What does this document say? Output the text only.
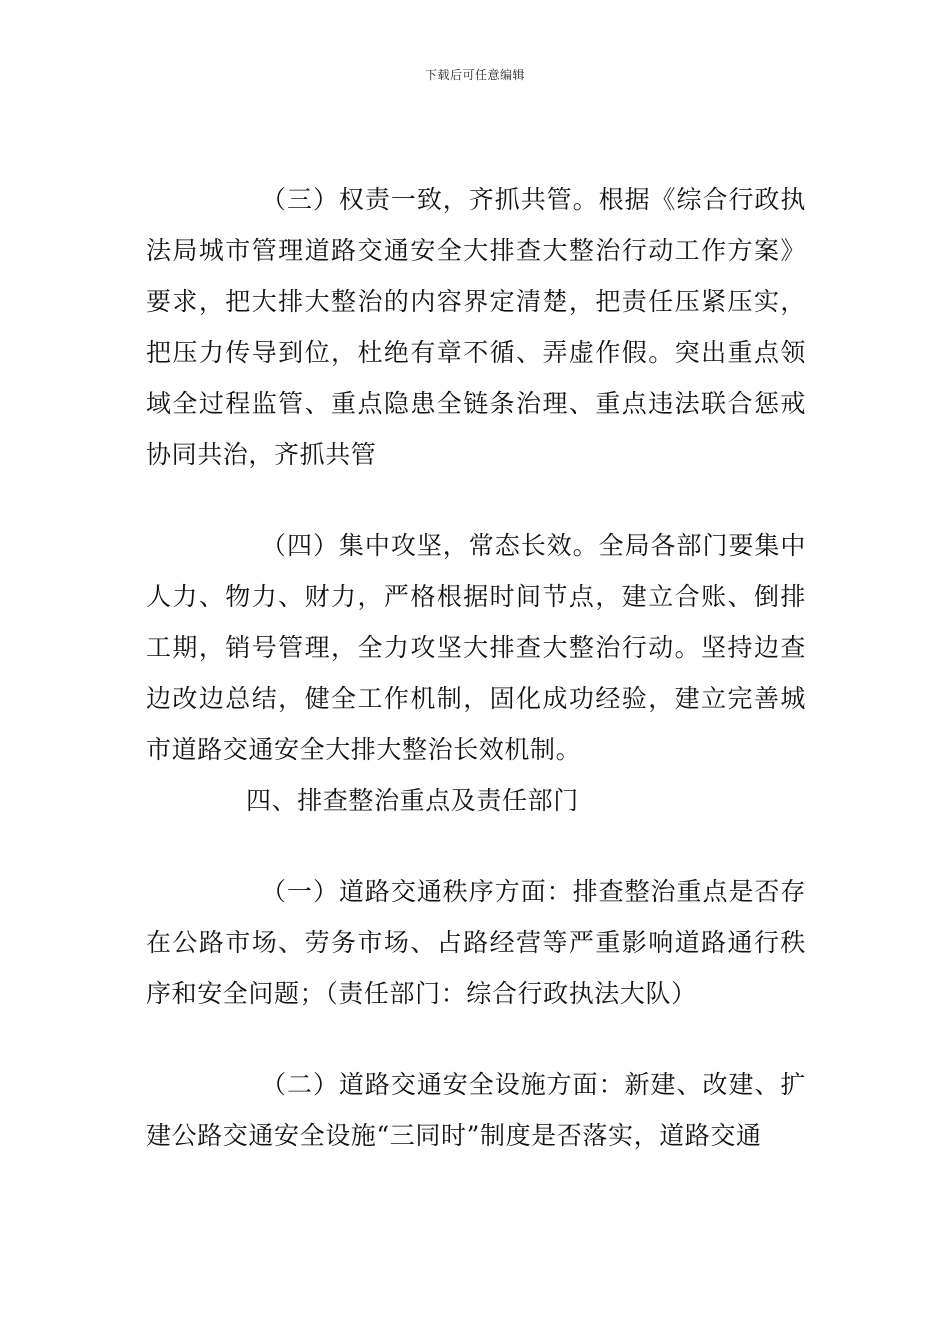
下载后可任意编辑

（三）权责一致，齐抓共管。根据《综合行政执法局城市管理道路交通安全大排查大整治行动工作方案》要求，把大排大整治的内容界定清楚，把责任压紧压实，把压力传导到位，杜绝有章不循、弄虚作假。突出重点领域全过程监管、重点隐患全链条治理、重点违法联合惩戒协同共治，齐抓共管

（四）集中攻坚，常态长效。全局各部门要集中人力、物力、财力，严格根据时间节点，建立合账、倒排工期，销号管理，全力攻坚大排查大整治行动。坚持边查边改边总结，健全工作机制，固化成功经验，建立完善城市道路交通安全大排大整治长效机制。

四、排查整治重点及责任部门

（一）道路交通秩序方面：排查整治重点是否存在公路市场、劳务市场、占路经营等严重影响道路通行秩序和安全问题；（责任部门：综合行政执法大队）

（二）道路交通安全设施方面：新建、改建、扩建公路交通安全设施“三同时”制度是否落实，道路交通
